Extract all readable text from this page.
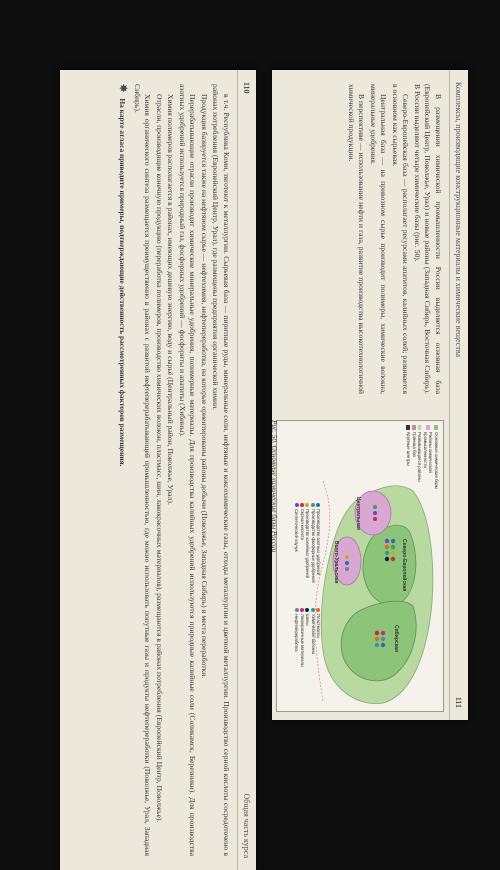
110
Общая часть курса

в т.ч. Республика Коми, тяготеют к металлургии. Сырьевая база — пиритные руды, минеральные соли, нефтяные и коксохимические газы, отходы металлургии и цветной металлургии. Производство серной кислоты сосредоточено в районах потребления (Европейский Центр, Урал), где размещены предприятия органической химии.

Продукция базируется также на нефтяном сырье — нефтехимия, нефтепереработка, на которые ориентированы районы добычи (Поволжье, Западная Сибирь) и места переработки.

Перерабатывающие отрасли производят химические минеральные удобрения, полимерные материалы. Для производства калийных удобрений используются природные калийные соли (Соликамск, Березники). Для производства азотных удобрений используется природный газ, фосфорных удобрений — фосфориты и апатиты (Хибины).

Химия полимеров располагается в районах, имеющих дешевую энергию, воду и сырьё (Центральный район, Поволжье, Урал).

Отрасли, производящие конечную продукцию (переработка полимеров, производство химических волокон, пластмасс, шин, лакокрасочных материалов), размещаются в районах потребления (Европейский Центр, Поволжье).

Химия органического синтеза размещается преимущественно в районах с развитой нефтеперерабатывающей промышленностью, где можно использовать попутные газы и продукты нефтепереработки (Поволжье, Урал, Западная Сибирь).

✵
На карте атласа приведите примеры, подтверждающие действенность рассмотренных факторов размещения.	Комплексы, производящие конструкционные материалы и химические вещества
111

В размещении химической промышленности России выделяется основная база (Европейский Центр, Поволжье, Урал) и новые районы (Западная Сибирь, Восточная Сибирь). В России выделяют четыре химические базы (рис. 50).

Северо-Европейская база — располагает ресурсами апатитов, калийных солей; развивается в основном как сырьевая.

Центральная база — на привозном сырье производит полимеры, химические волокна, минеральные удобрения.

В перспективе — использование нефти и газа, развитие производства высокотехнологичной химической продукции.

Северо-Европейская
Центральная
Волго-Уральская
Сибирская
Основные химические базы
Районы химической промышленности
Развивающиеся районы
Граница баз
Крупные центры
Производство азотных удобрений
Производство фосфорных удобрений
Производство калийных удобрений
Серная кислота
Синтетический каучук
Пластмассы
Химические волокна
Шины
Лакокрасочные материалы
Нефтепереработка
Рис. 50. Основные химические базы России
